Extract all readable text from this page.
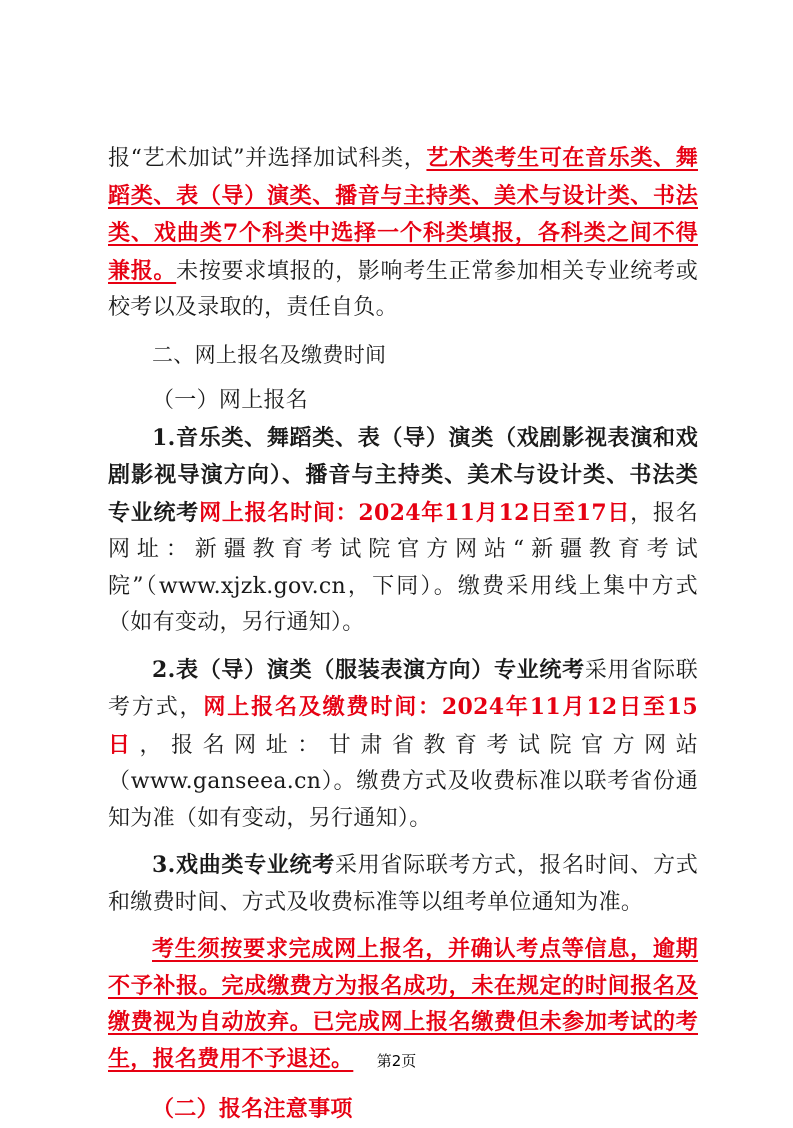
报“艺术加试”并选择加试科类，艺术类考生可在音乐类、舞蹈类、表（导）演类、播音与主持类、美术与设计类、书法类、戏曲类7个科类中选择一个科类填报，各科类之间不得兼报。未按要求填报的，影响考生正常参加相关专业统考或校考以及录取的，责任自负。

二、网上报名及缴费时间

（一）网上报名

1.音乐类、舞蹈类、表（导）演类（戏剧影视表演和戏剧影视导演方向）、播音与主持类、美术与设计类、书法类专业统考网上报名时间：2024年11月12日至17日，报名网址：新疆教育考试院官方网站“新疆教育考试院”（www.xjzk.gov.cn，下同）。缴费采用线上集中方式（如有变动，另行通知）。

2.表（导）演类（服装表演方向）专业统考采用省际联考方式，网上报名及缴费时间：2024年11月12日至15日，报名网址：甘肃省教育考试院官方网站（www.ganseea.cn）。缴费方式及收费标准以联考省份通知为准（如有变动，另行通知）。

3.戏曲类专业统考采用省际联考方式，报名时间、方式和缴费时间、方式及收费标准等以组考单位通知为准。

考生须按要求完成网上报名，并确认考点等信息，逾期不予补报。完成缴费方为报名成功，未在规定的时间报名及缴费视为自动放弃。已完成网上报名缴费但未参加考试的考生，报名费用不予退还。

（二）报名注意事项

第2页
